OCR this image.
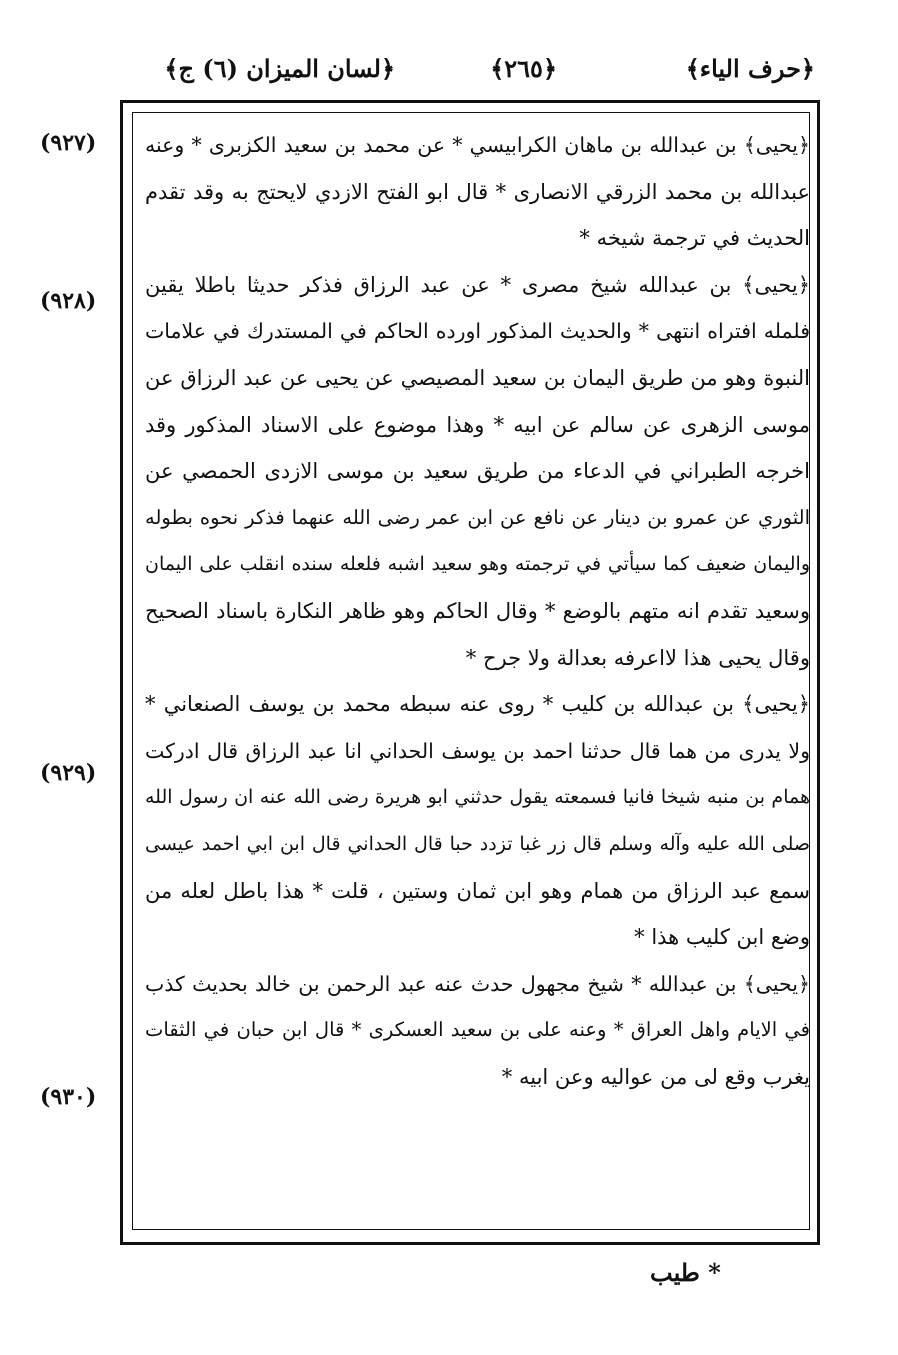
﴿حرف الياء﴾
﴿٢٦٥﴾
﴿لسان الميزان (٦) ج﴾
﴿يحيى﴾ بن عبدالله بن ماهان الكرابيسي * عن محمد بن سعيد الكزبرى * وعنه
عبدالله بن محمد الزرقي الانصارى * قال ابو الفتح الازدي لايحتج به وقد تقدم
الحديث في ترجمة شيخه *
﴿يحيى﴾ بن عبدالله شيخ مصرى * عن عبد الرزاق فذكر حديثا باطلا يقين
فلمله افتراه انتهى * والحديث المذكور اورده الحاكم في المستدرك في علامات
النبوة وهو من طريق اليمان بن سعيد المصيصي عن يحيى عن عبد الرزاق عن
موسى الزهرى عن سالم عن ابيه * وهذا موضوع على الاسناد المذكور وقد
اخرجه الطبراني في الدعاء من طريق سعيد بن موسى الازدى الحمصي عن
الثوري عن عمرو بن دينار عن نافع عن ابن عمر رضى الله عنهما فذكر نحوه بطوله
واليمان ضعيف كما سيأتي في ترجمته وهو سعيد اشبه فلعله سنده انقلب على اليمان
وسعيد تقدم انه متهم بالوضع * وقال الحاكم وهو ظاهر النكارة باسناد الصحيح
وقال يحيى هذا لااعرفه بعدالة ولا جرح *
﴿يحيى﴾ بن عبدالله بن كليب * روى عنه سبطه محمد بن يوسف الصنعاني *
ولا يدرى من هما قال حدثنا احمد بن يوسف الحداني انا عبد الرزاق قال ادركت
همام بن منبه شيخا فانيا فسمعته يقول حدثني ابو هريرة رضى الله عنه ان رسول الله
صلى الله عليه وآله وسلم قال زر غبا تزدد حبا قال الحداني قال ابن ابي احمد عيسى
سمع عبد الرزاق من همام وهو ابن ثمان وستين ، قلت * هذا باطل لعله من
وضع ابن كليب هذا *
﴿يحيى﴾ بن عبدالله * شيخ مجهول حدث عنه عبد الرحمن بن خالد بحديث كذب
في الايام واهل العراق * وعنه على بن سعيد العسكرى * قال ابن حبان في الثقات
يغرب وقع لى من عواليه وعن ابيه *
(٩٢٧)
(٩٢٨)
(٩٢٩)
(٩٣٠)
* طيب
